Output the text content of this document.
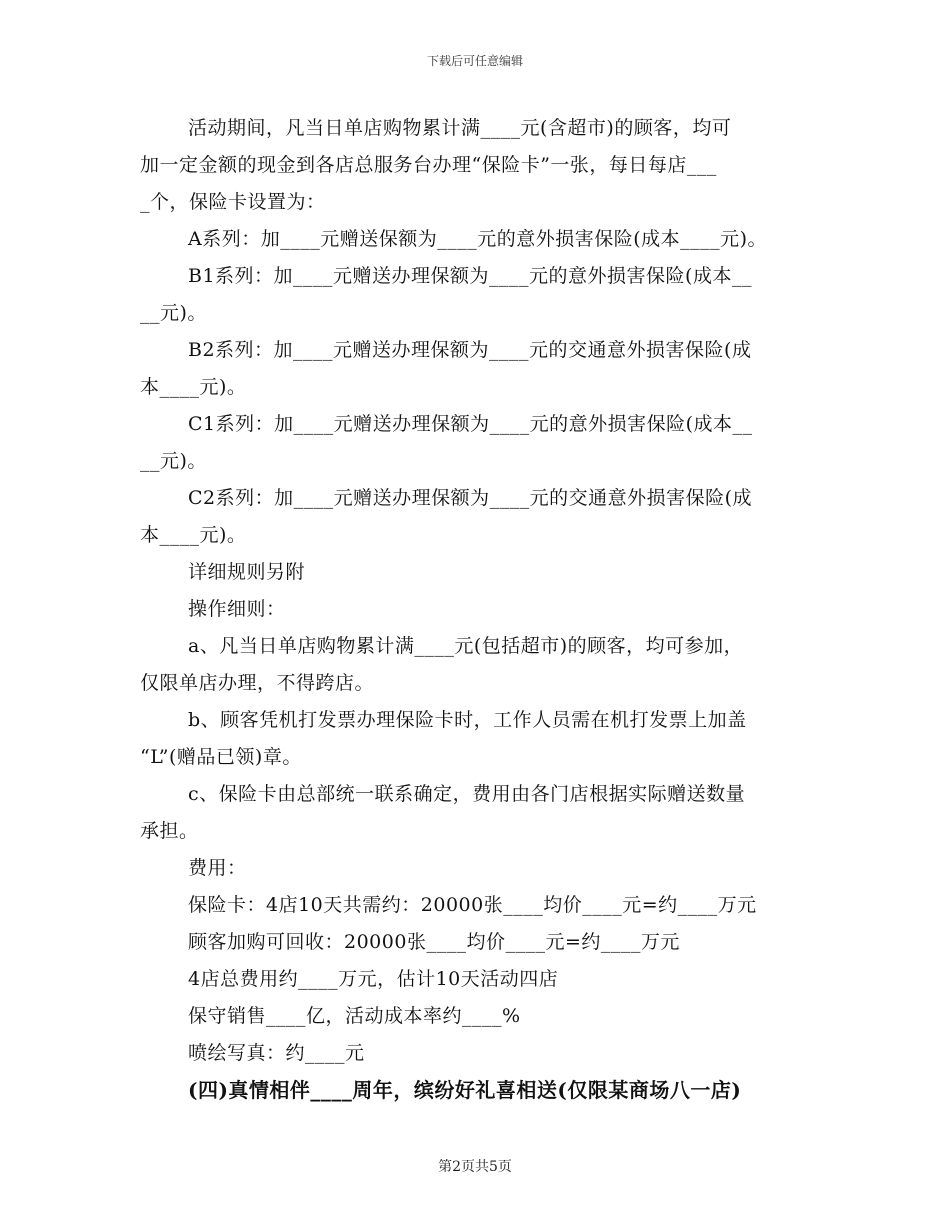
下载后可任意编辑
活动期间，凡当日单店购物累计满____元(含超市)的顾客，均可
加一定金额的现金到各店总服务台办理“保险卡”一张，每日每店___
_个，保险卡设置为：
A系列：加____元赠送保额为____元的意外损害保险(成本____元)。
B1系列：加____元赠送办理保额为____元的意外损害保险(成本__
__元)。
B2系列：加____元赠送办理保额为____元的交通意外损害保险(成
本____元)。
C1系列：加____元赠送办理保额为____元的意外损害保险(成本__
__元)。
C2系列：加____元赠送办理保额为____元的交通意外损害保险(成
本____元)。
详细规则另附
操作细则：
a、凡当日单店购物累计满____元(包括超市)的顾客，均可参加，
仅限单店办理，不得跨店。
b、顾客凭机打发票办理保险卡时，工作人员需在机打发票上加盖
“L”(赠品已领)章。
c、保险卡由总部统一联系确定，费用由各门店根据实际赠送数量
承担。
费用：
保险卡：4店10天共需约：20000张____均价____元=约____万元
顾客加购可回收：20000张____均价____元=约____万元
4店总费用约____万元，估计10天活动四店
保守销售____亿，活动成本率约____%
喷绘写真：约____元
(四)真情相伴____周年，缤纷好礼喜相送(仅限某商场八一店)
第2页共5页
